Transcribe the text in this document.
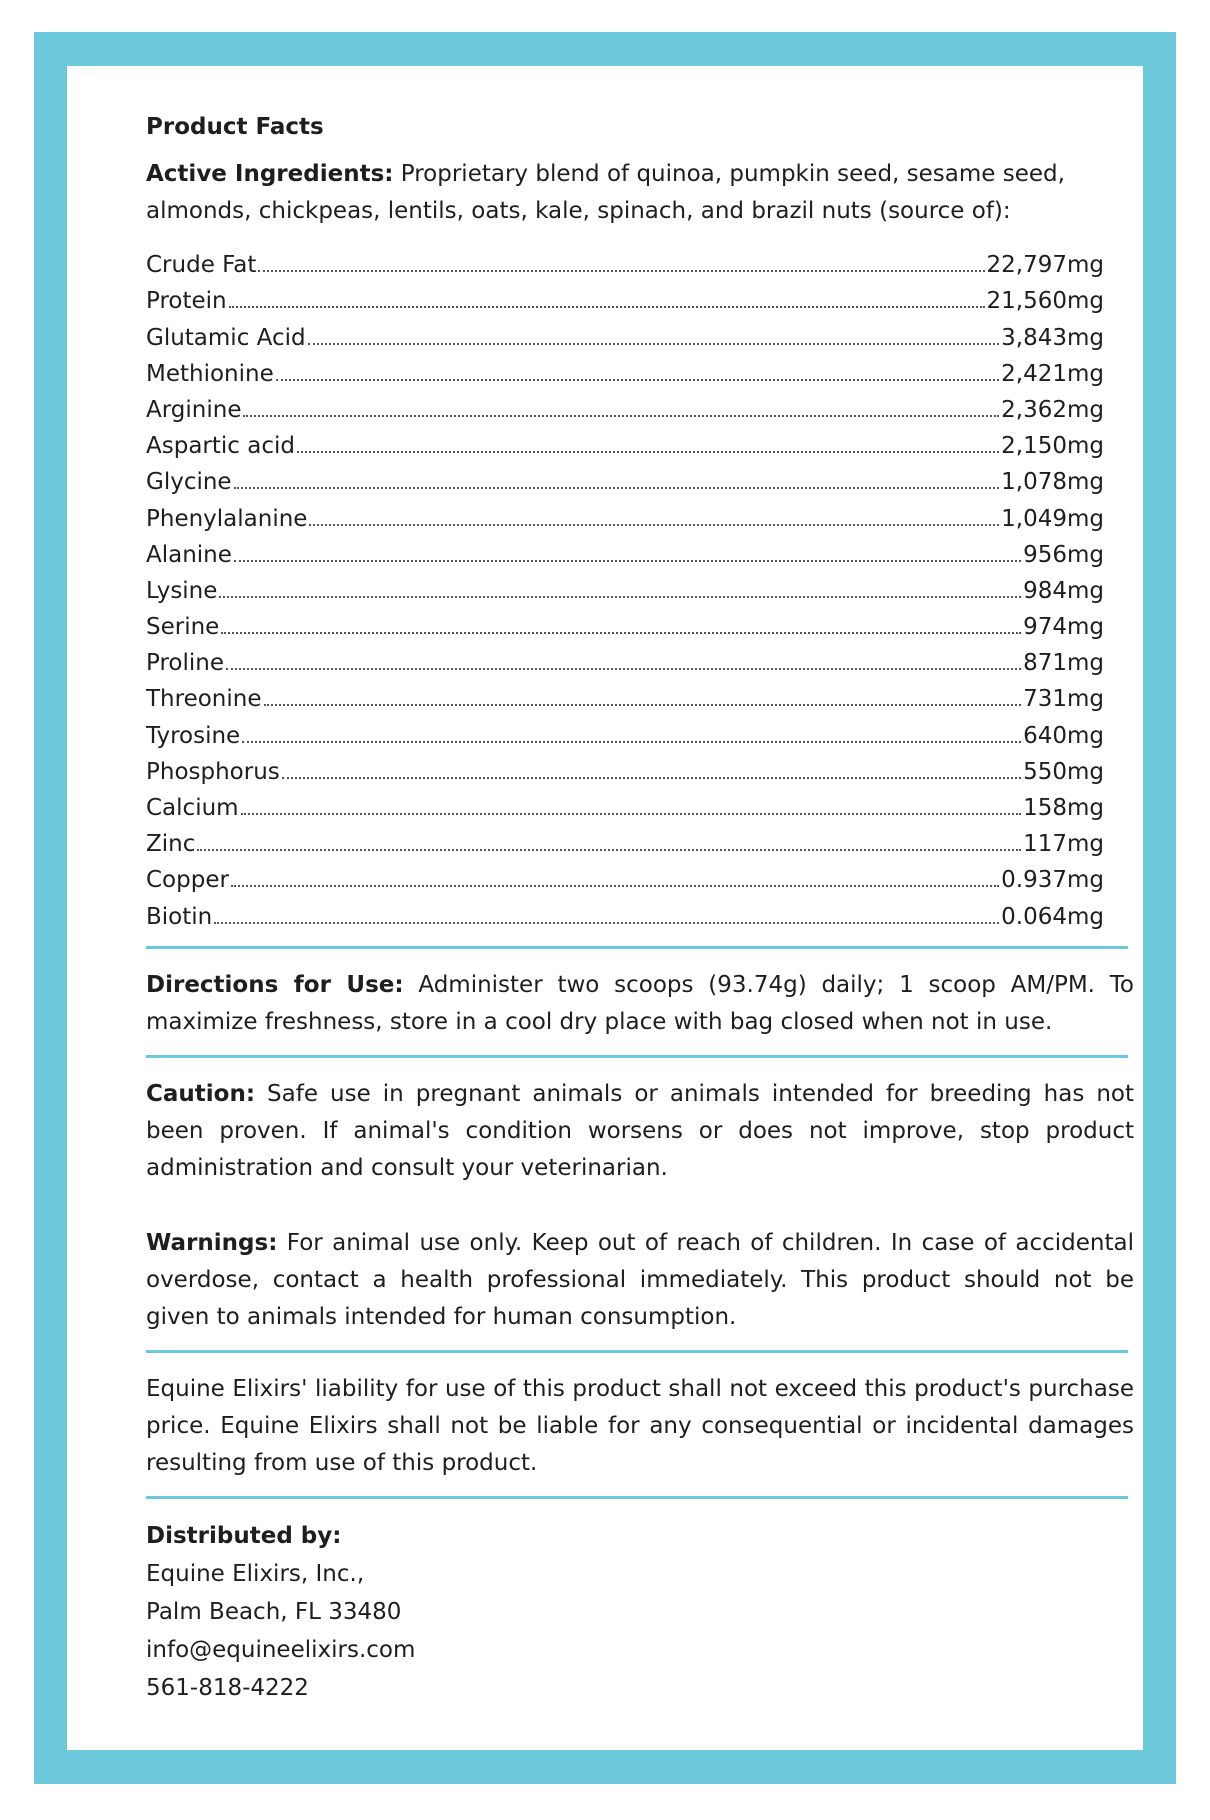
Product Facts

Active Ingredients: Proprietary blend of quinoa, pumpkin seed, sesame seed, almonds, chickpeas, lentils, oats, kale, spinach, and brazil nuts (source of):

Crude Fat	22,797mg
Protein	21,560mg
Glutamic Acid	3,843mg
Methionine	2,421mg
Arginine	2,362mg
Aspartic acid	2,150mg
Glycine	1,078mg
Phenylalanine	1,049mg
Alanine	956mg
Lysine	984mg
Serine	974mg
Proline	871mg
Threonine	731mg
Tyrosine	640mg
Phosphorus	550mg
Calcium	158mg
Zinc	117mg
Copper	0.937mg
Biotin	0.064mg

Directions for Use: Administer two scoops (93.74g) daily; 1 scoop AM/PM. To maximize freshness, store in a cool dry place with bag closed when not in use.

Caution: Safe use in pregnant animals or animals intended for breeding has not been proven. If animal's condition worsens or does not improve, stop product administration and consult your veterinarian.

Warnings: For animal use only. Keep out of reach of children. In case of accidental overdose, contact a health professional immediately. This product should not be given to animals intended for human consumption.

Equine Elixirs' liability for use of this product shall not exceed this product's purchase price. Equine Elixirs shall not be liable for any consequential or incidental damages resulting from use of this product.

Distributed by:
Equine Elixirs, Inc.,
Palm Beach, FL 33480
info@equineelixirs.com
561-818-4222
